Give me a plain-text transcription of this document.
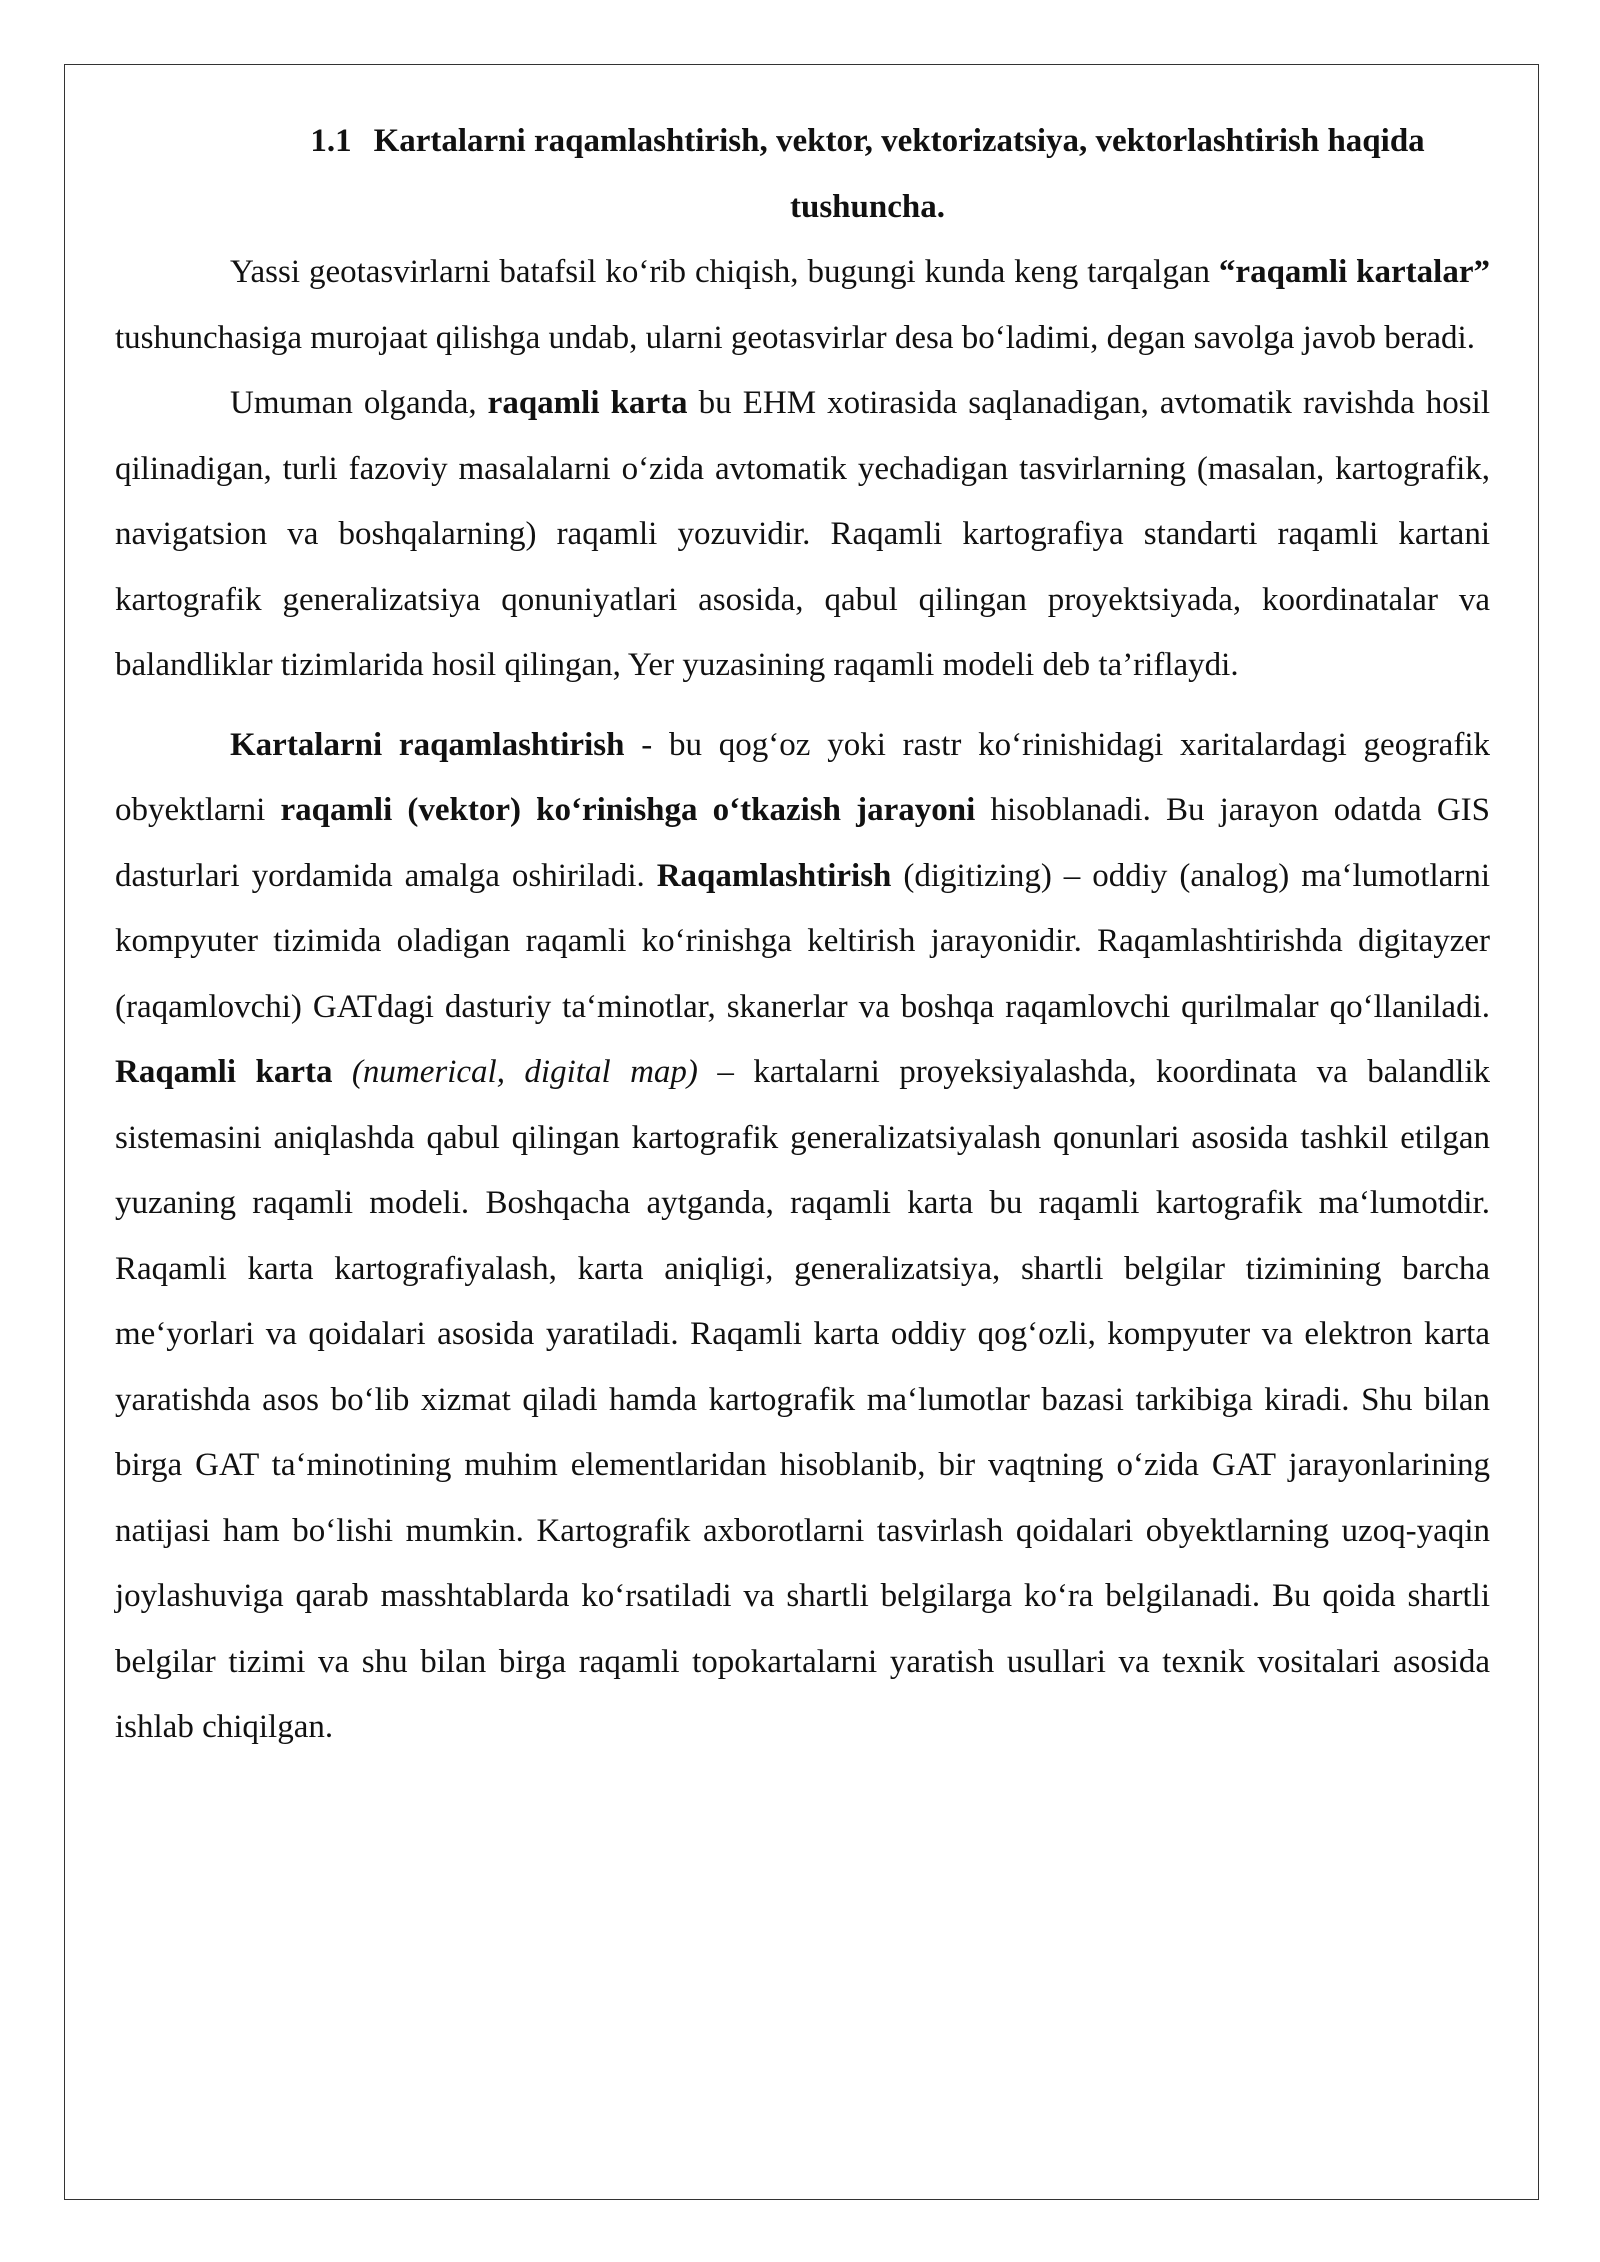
1.1 Kartalarni raqamlashtirish, vektor, vektorizatsiya, vektorlashtirish haqida tushuncha.

Yassi geotasvirlarni batafsil ko‘rib chiqish, bugungi kunda keng tarqalgan “raqamli kartalar” tushunchasiga murojaat qilishga undab, ularni geotasvirlar desa bo‘ladimi, degan savolga javob beradi.

Umuman olganda, raqamli karta bu EHM xotirasida saqlanadigan, avtomatik ravishda hosil qilinadigan, turli fazoviy masalalarni o‘zida avtomatik yechadigan tasvirlarning (masalan, kartografik, navigatsion va boshqalarning) raqamli yozuvidir. Raqamli kartografiya standarti raqamli kartani kartografik generalizatsiya qonuniyatlari asosida, qabul qilingan proyektsiyada, koordinatalar va balandliklar tizimlarida hosil qilingan, Yer yuzasining raqamli modeli deb ta’riflaydi.

Kartalarni raqamlashtirish - bu qog‘oz yoki rastr ko‘rinishidagi xaritalardagi geografik obyektlarni raqamli (vektor) ko‘rinishga o‘tkazish jarayoni hisoblanadi. Bu jarayon odatda GIS dasturlari yordamida amalga oshiriladi. Raqamlashtirish (digitizing) – oddiy (analog) ma‘lumotlarni kompyuter tizimida oladigan raqamli ko‘rinishga keltirish jarayonidir. Raqamlashtirishda digitayzer (raqamlovchi) GATdagi dasturiy ta‘minotlar, skanerlar va boshqa raqamlovchi qurilmalar qo‘llaniladi. Raqamli karta (numerical, digital map) – kartalarni proyeksiyalashda, koordinata va balandlik sistemasini aniqlashda qabul qilingan kartografik generalizatsiyalash qonunlari asosida tashkil etilgan yuzaning raqamli modeli. Boshqacha aytganda, raqamli karta bu raqamli kartografik ma‘lumotdir. Raqamli karta kartografiyalash, karta aniqligi, generalizatsiya, shartli belgilar tizimining barcha me‘yorlari va qoidalari asosida yaratiladi. Raqamli karta oddiy qog‘ozli, kompyuter va elektron karta yaratishda asos bo‘lib xizmat qiladi hamda kartografik ma‘lumotlar bazasi tarkibiga kiradi. Shu bilan birga GAT ta‘minotining muhim elementlaridan hisoblanib, bir vaqtning o‘zida GAT jarayonlarining natijasi ham bo‘lishi mumkin. Kartografik axborotlarni tasvirlash qoidalari obyektlarning uzoq-yaqin joylashuviga qarab masshtablarda ko‘rsatiladi va shartli belgilarga ko‘ra belgilanadi. Bu qoida shartli belgilar tizimi va shu bilan birga raqamli topokartalarni yaratish usullari va texnik vositalari asosida ishlab chiqilgan.
